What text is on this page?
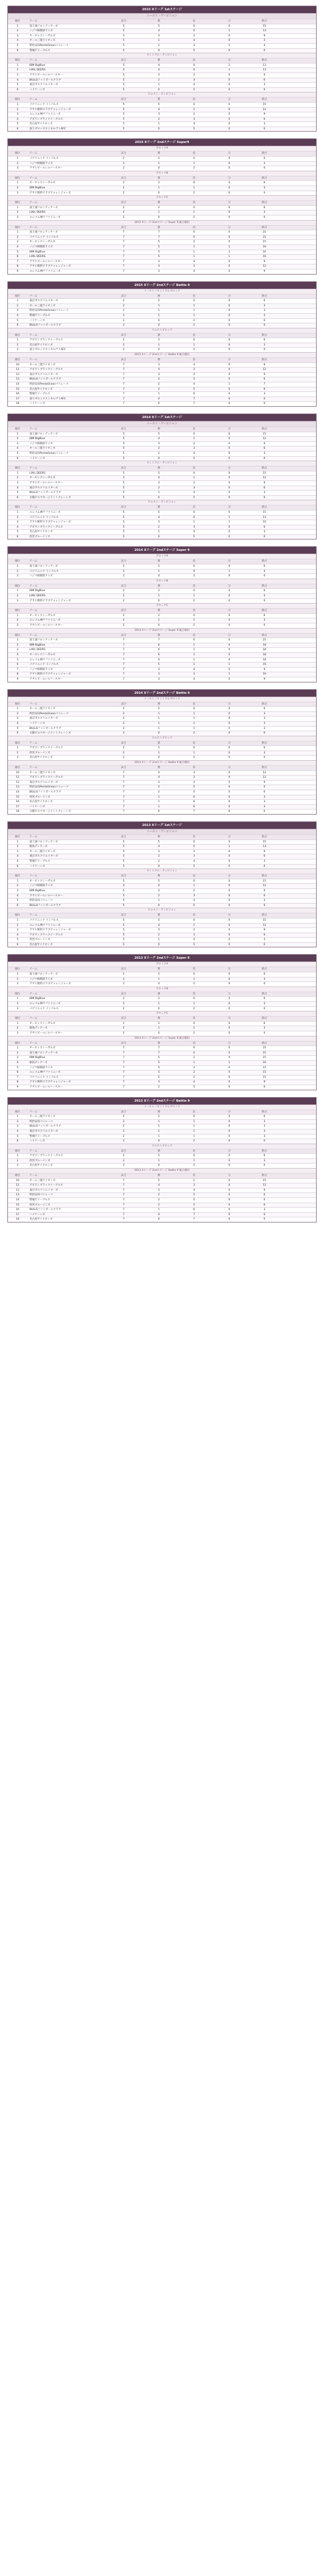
2015 Xリーグ 1stステージ
イースト・ディビジョン
順位	チーム	試合	勝	負	分	勝点
1	富士通フロンティアーズ	5	5	0	0	15
2	ノジマ相模原ライズ	5	4	0	1	13
3	オービックシーガルズ	5	3	2	0	9
4	オール三菱ライオンズ	5	1	4	0	3
5	明治安田PentaOceanパイレーツ	5	1	3	1	4
6	警視庁イーグルス	5	0	5	0	0
セントラル・ディビジョン
順位	チーム	試合	勝	負	分	勝点
1	IBM BigBlue	5	4	0	1	13
2	LIXIL DEERS	5	4	0	1	13
3	アサヒビールシルバースター	5	3	2	0	9
4	BULLSフットボールクラブ	5	2	3	0	6
5	東京ガスクリエイターズ	5	1	4	0	3
6	ハリケーンズ	5	0	5	0	0
ウエスト・ディビジョン
順位	チーム	試合	勝	負	分	勝点
1	パナソニック インパルス	5	5	0	0	15
2	アサヒ飲料クラブチャレンジャーズ	5	4	1	0	12
3	エレコム神戸ファイニーズ	5	3	2	0	9
4	アズワンブラックイーグルス	5	2	3	0	6
5	名古屋サイクロンズ	5	1	4	0	3
6	富士ゼロックスミネルヴァAFC	5	0	5	0	0
2015 Xリーグ 2ndステージ Super9
ブロックA
順位	チーム	試合	勝	負	分	勝点
1	パナソニック インパルス	2	2	0	0	6
2	ノジマ相模原ライズ	2	1	1	0	3
3	アサヒビールシルバースター	2	0	2	0	0
ブロックB
順位	チーム	試合	勝	負	分	勝点
1	オービックシーガルズ	2	2	0	0	6
2	IBM BigBlue	2	1	1	0	3
3	アサヒ飲料クラブチャレンジャーズ	2	0	2	0	0
ブロックC
順位	チーム	試合	勝	負	分	勝点
1	富士通フロンティアーズ	2	2	0	0	6
2	LIXIL DEERS	2	1	1	0	3
3	エレコム神戸ファイニーズ	2	0	2	0	0
2015 Xリーグ 2ndステージ Super 9 総合順位
順位	チーム	試合	勝	負	分	勝点
1	富士通フロンティアーズ	7	7	0	0	21
2	パナソニック インパルス	7	7	0	0	21
3	オービックシーガルズ	7	5	2	0	15
4	ノジマ相模原ライズ	7	5	1	1	16
5	IBM BigBlue	7	5	1	1	16
6	LIXIL DEERS	7	5	1	1	16
7	アサヒビールシルバースター	7	3	4	0	9
8	アサヒ飲料クラブチャレンジャーズ	7	4	3	0	12
9	エレコム神戸ファイニーズ	7	3	4	0	9
2015 Xリーグ 2ndステージ Battle 9
イースト／セントラルブロック
順位	チーム	試合	勝	負	分	勝点
1	東京ガスクリエイターズ	2	2	0	0	6
2	オール三菱ライオンズ	2	1	1	0	3
3	明治安田PentaOceanパイレーツ	2	1	1	0	3
4	警視庁イーグルス	2	1	1	0	3
5	ハリケーンズ	2	0	2	0	0
6	BULLSフットボールクラブ	2	0	2	0	0
ウエストブロック
順位	チーム	試合	勝	負	分	勝点
1	アズワンブラックイーグルス	2	2	0	0	6
2	名古屋サイクロンズ	2	1	1	0	3
3	富士ゼロックスミネルヴァAFC	2	0	2	0	0
2015 Xリーグ 2ndステージ Battle 9 総合順位
順位	チーム	試合	勝	負	分	勝点
10	オール三菱ライオンズ	7	3	4	0	9
11	アズワンブラックイーグルス	7	4	3	0	12
12	東京ガスクリエイターズ	7	3	4	0	9
13	BULLSフットボールクラブ	7	2	5	0	6
14	明治安田PentaOceanパイレーツ	7	2	4	1	7
15	名古屋サイクロンズ	7	2	5	0	6
16	警視庁イーグルス	7	1	6	0	3
17	富士ゼロックスミネルヴァAFC	7	0	7	0	0
18	ハリケーンズ	7	0	7	0	0
2014 Xリーグ 1stステージ
イースト・ディビジョン
順位	チーム	試合	勝	負	分	勝点
1	富士通フロンティアーズ	5	5	0	0	15
2	IBM BigBlue	5	4	1	0	12
3	ノジマ相模原ライズ	5	3	2	0	9
4	オール三菱ライオンズ	5	2	3	0	6
5	明治安田PentaOceanパイレーツ	5	1	4	0	3
6	ハリケーンズ	5	0	5	0	0
セントラル・ディビジョン
順位	チーム	試合	勝	負	分	勝点
1	LIXIL DEERS	5	5	0	0	15
2	オービックシーガルズ	5	4	1	0	12
3	アサヒビールシルバースター	5	3	2	0	9
4	東京ガスクリエイターズ	5	2	3	0	6
5	BULLSフットボールクラブ	5	1	4	0	3
6	太陽ビルマネージメントクレーンズ	5	0	5	0	0
ウエスト・ディビジョン
順位	チーム	試合	勝	負	分	勝点
1	エレコム神戸ファイニーズ	5	5	0	0	15
2	パナソニック インパルス	5	4	0	1	13
3	アサヒ飲料クラブチャレンジャーズ	5	3	1	1	10
4	アズワンブラックイーグルス	5	2	3	0	6
5	名古屋サイクロンズ	5	1	4	0	3
6	西宮ブルーインズ	5	0	5	0	0
2014 Xリーグ 2ndステージ Super 9
ブロックA
順位	チーム	試合	勝	負	分	勝点
1	富士通フロンティアーズ	2	2	0	0	6
2	パナソニック インパルス	2	1	0	1	4
3	ノジマ相模原ライズ	2	0	2	0	0
ブロックB
順位	チーム	試合	勝	負	分	勝点
1	IBM BigBlue	2	2	0	0	6
2	LIXIL DEERS	2	1	1	0	3
3	アサヒ飲料クラブチャレンジャーズ	2	0	2	0	0
ブロックC
順位	チーム	試合	勝	負	分	勝点
1	オービックシーガルズ	2	2	0	0	6
2	エレコム神戸ファイニーズ	2	1	1	0	3
3	アサヒビールシルバースター	2	0	2	0	0
2014 Xリーグ 2ndステージ Super 9 総合順位
順位	チーム	試合	勝	負	分	勝点
1	富士通フロンティアーズ	7	7	0	0	21
2	IBM BigBlue	7	6	1	0	18
3	LIXIL DEERS	7	6	1	0	18
4	オービックシーガルズ	7	6	1	0	18
5	エレコム神戸ファイニーズ	7	6	1	0	18
6	パナソニック インパルス	7	5	1	1	16
7	ノジマ相模原ライズ	7	3	4	0	9
8	アサヒ飲料クラブチャレンジャーズ	7	3	3	1	10
9	アサヒビールシルバースター	7	3	4	0	9
2014 Xリーグ 2ndステージ Battle 9
イースト／セントラルブロック
順位	チーム	試合	勝	負	分	勝点
1	オール三菱ライオンズ	2	2	0	0	6
2	明治安田PentaOceanパイレーツ	2	1	1	0	3
3	東京ガスクリエイターズ	2	1	1	0	3
4	ハリケーンズ	2	1	1	0	3
5	BULLSフットボールクラブ	2	1	1	0	3
6	太陽ビルマネージメントクレーンズ	2	0	2	0	0
ウエストブロック
順位	チーム	試合	勝	負	分	勝点
1	アズワンブラックイーグルス	2	2	0	0	6
2	西宮ブルーインズ	2	1	1	0	3
3	名古屋サイクロンズ	2	0	2	0	0
2014 Xリーグ 2ndステージ Battle 9 総合順位
順位	チーム	試合	勝	負	分	勝点
10	オール三菱ライオンズ	7	4	3	0	12
11	アズワンブラックイーグルス	7	4	3	0	12
12	東京ガスクリエイターズ	7	3	4	0	9
13	明治安田PentaOceanパイレーツ	7	2	5	0	6
14	BULLSフットボールクラブ	7	2	5	0	6
15	西宮ブルーインズ	7	1	6	0	3
16	名古屋サイクロンズ	7	1	6	0	3
17	ハリケーンズ	7	1	6	0	3
18	太陽ビルマネージメントクレーンズ	7	0	7	0	0
2013 Xリーグ 1stステージ
イースト・ディビジョン
順位	チーム	試合	勝	負	分	勝点
1	富士通フロンティアーズ	5	5	0	0	15
2	鹿島ディアーズ	5	4	0	1	13
3	オール三菱ライオンズ	5	3	2	0	9
4	東京ガスクリエイターズ	5	2	3	0	6
5	警視庁イーグルス	5	1	4	0	3
6	ハリケーンズ	5	0	5	0	0
セントラル・ディビジョン
順位	チーム	試合	勝	負	分	勝点
1	オービックシーガルズ	5	5	0	0	15
2	ノジマ相模原ライズ	5	4	1	0	12
3	IBM BigBlue	5	3	2	0	9
4	アサヒビールシルバースター	5	2	3	0	6
5	明治安田パイレーツ	5	1	4	0	3
6	BULLSフットボールクラブ	5	0	5	0	0
ウエスト・ディビジョン
順位	チーム	試合	勝	負	分	勝点
1	パナソニック インパルス	5	5	0	0	15
2	エレコム神戸ファイニーズ	5	4	1	0	12
3	アサヒ飲料クラブチャレンジャーズ	5	3	2	0	9
4	アズワンブラックイーグルス	5	2	3	0	6
5	西宮ブルーインズ	5	1	4	0	3
6	名古屋サイクロンズ	5	0	5	0	0
2013 Xリーグ 2ndステージ Super 9
ブロックA
順位	チーム	試合	勝	負	分	勝点
1	富士通フロンティアーズ	2	2	0	0	6
2	ノジマ相模原ライズ	2	1	1	0	3
3	アサヒ飲料クラブチャレンジャーズ	2	0	2	0	0
ブロックB
順位	チーム	試合	勝	負	分	勝点
1	IBM BigBlue	2	2	0	0	6
2	エレコム神戸ファイニーズ	2	1	1	0	3
3	パナソニック インパルス	2	0	2	0	0
ブロックC
順位	チーム	試合	勝	負	分	勝点
1	オービックシーガルズ	2	2	0	0	6
2	鹿島ディアーズ	2	1	1	0	3
3	アサヒビールシルバースター	2	0	2	0	0
2013 Xリーグ 2ndステージ Super 9 総合順位
順位	チーム	試合	勝	負	分	勝点
1	オービックシーガルズ	7	7	0	0	21
2	富士通フロンティアーズ	7	7	0	0	21
3	IBM BigBlue	7	5	2	0	15
4	鹿島ディアーズ	7	5	1	1	16
5	ノジマ相模原ライズ	7	5	2	0	15
6	エレコム神戸ファイニーズ	7	5	2	0	15
7	パナソニック インパルス	7	5	2	0	15
8	アサヒ飲料クラブチャレンジャーズ	7	3	4	0	9
9	アサヒビールシルバースター	7	2	5	0	6
2013 Xリーグ 2ndステージ Battle 9
イースト／セントラルブロック
順位	チーム	試合	勝	負	分	勝点
1	オール三菱ライオンズ	2	2	0	0	6
2	明治安田パイレーツ	2	1	1	0	3
3	BULLSフットボールクラブ	2	1	1	0	3
4	東京ガスクリエイターズ	2	1	1	0	3
5	警視庁イーグルス	2	1	1	0	3
6	ハリケーンズ	2	0	2	0	0
ウエストブロック
順位	チーム	試合	勝	負	分	勝点
1	アズワンブラックイーグルス	2	2	0	0	6
2	西宮ブルーインズ	2	1	1	0	3
3	名古屋サイクロンズ	2	0	2	0	0
2013 Xリーグ 2ndステージ Battle 9 総合順位
順位	チーム	試合	勝	負	分	勝点
10	オール三菱ライオンズ	7	5	2	0	15
11	アズワンブラックイーグルス	7	4	3	0	12
12	東京ガスクリエイターズ	7	3	4	0	9
13	明治安田パイレーツ	7	2	5	0	6
14	警視庁イーグルス	7	2	5	0	6
15	西宮ブルーインズ	7	2	5	0	6
16	BULLSフットボールクラブ	7	1	6	0	3
17	ハリケーンズ	7	0	7	0	0
18	名古屋サイクロンズ	7	0	7	0	0
